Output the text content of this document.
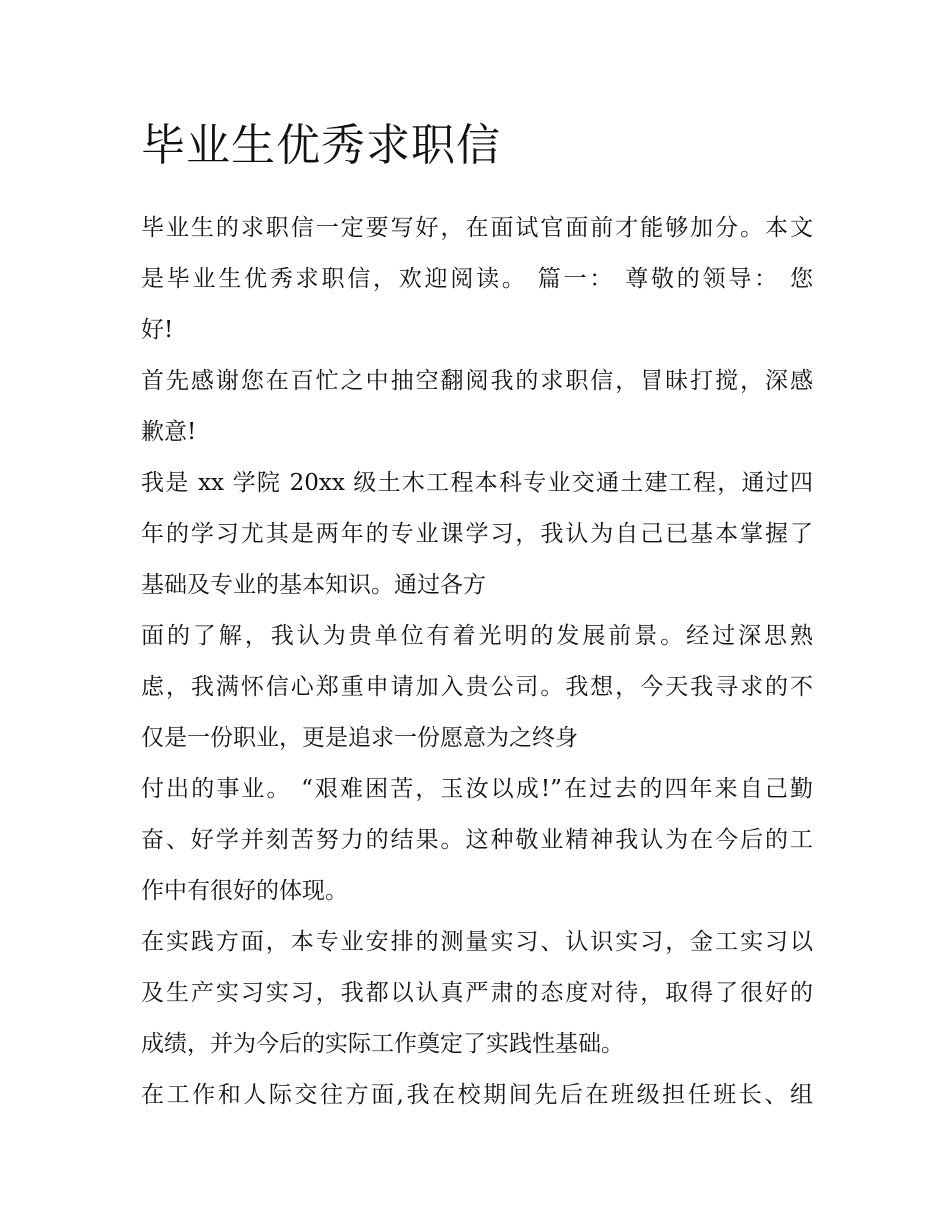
毕业生优秀求职信
毕业生的求职信一定要写好，在面试官面前才能够加分。本文
是毕业生优秀求职信，欢迎阅读。 篇一： 尊敬的领导： 您
好!
首先感谢您在百忙之中抽空翻阅我的求职信，冒昧打搅，深感
歉意!
我是 xx 学院 20xx 级土木工程本科专业交通土建工程，通过四
年的学习尤其是两年的专业课学习，我认为自己已基本掌握了
基础及专业的基本知识。通过各方
面的了解，我认为贵单位有着光明的发展前景。经过深思熟
虑，我满怀信心郑重申请加入贵公司。我想，今天我寻求的不
仅是一份职业，更是追求一份愿意为之终身
付出的事业。 “艰难困苦，玉汝以成!”在过去的四年来自己勤
奋、好学并刻苦努力的结果。这种敬业精神我认为在今后的工
作中有很好的体现。
在实践方面，本专业安排的测量实习、认识实习，金工实习以
及生产实习实习，我都以认真严肃的态度对待，取得了很好的
成绩，并为今后的实际工作奠定了实践性基础。
在工作和人际交往方面,我在校期间先后在班级担任班长、组
